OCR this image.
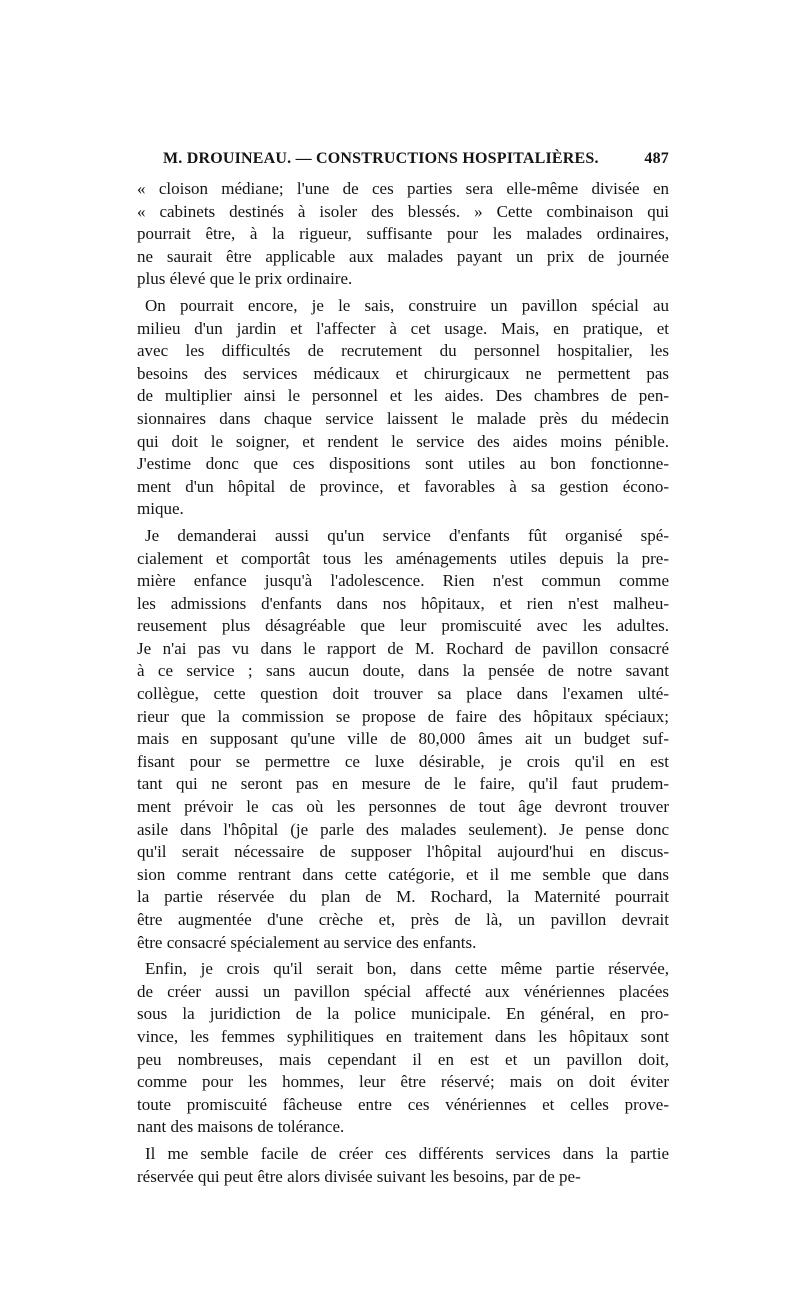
M. DROUINEAU. — CONSTRUCTIONS HOSPITALIÈRES.	487
« cloison médiane; l'une de ces parties sera elle-même divisée en
« cabinets destinés à isoler des blessés. » Cette combinaison qui
pourrait être, à la rigueur, suffisante pour les malades ordinaires,
ne saurait être applicable aux malades payant un prix de journée
plus élevé que le prix ordinaire.
On pourrait encore, je le sais, construire un pavillon spécial au
milieu d'un jardin et l'affecter à cet usage. Mais, en pratique, et
avec les difficultés de recrutement du personnel hospitalier, les
besoins des services médicaux et chirurgicaux ne permettent pas
de multiplier ainsi le personnel et les aides. Des chambres de pen-
sionnaires dans chaque service laissent le malade près du médecin
qui doit le soigner, et rendent le service des aides moins pénible.
J'estime donc que ces dispositions sont utiles au bon fonctionne-
ment d'un hôpital de province, et favorables à sa gestion écono-
mique.
Je demanderai aussi qu'un service d'enfants fût organisé spé-
cialement et comportât tous les aménagements utiles depuis la pre-
mière enfance jusqu'à l'adolescence. Rien n'est commun comme
les admissions d'enfants dans nos hôpitaux, et rien n'est malheu-
reusement plus désagréable que leur promiscuité avec les adultes.
Je n'ai pas vu dans le rapport de M. Rochard de pavillon consacré
à ce service ; sans aucun doute, dans la pensée de notre savant
collègue, cette question doit trouver sa place dans l'examen ulté-
rieur que la commission se propose de faire des hôpitaux spéciaux;
mais en supposant qu'une ville de 80,000 âmes ait un budget suf-
fisant pour se permettre ce luxe désirable, je crois qu'il en est
tant qui ne seront pas en mesure de le faire, qu'il faut prudem-
ment prévoir le cas où les personnes de tout âge devront trouver
asile dans l'hôpital (je parle des malades seulement). Je pense donc
qu'il serait nécessaire de supposer l'hôpital aujourd'hui en discus-
sion comme rentrant dans cette catégorie, et il me semble que dans
la partie réservée du plan de M. Rochard, la Maternité pourrait
être augmentée d'une crèche et, près de là, un pavillon devrait
être consacré spécialement au service des enfants.
Enfin, je crois qu'il serait bon, dans cette même partie réservée,
de créer aussi un pavillon spécial affecté aux vénériennes placées
sous la juridiction de la police municipale. En général, en pro-
vince, les femmes syphilitiques en traitement dans les hôpitaux sont
peu nombreuses, mais cependant il en est et un pavillon doit,
comme pour les hommes, leur être réservé; mais on doit éviter
toute promiscuité fâcheuse entre ces vénériennes et celles prove-
nant des maisons de tolérance.
Il me semble facile de créer ces différents services dans la partie
réservée qui peut être alors divisée suivant les besoins, par de pe-
